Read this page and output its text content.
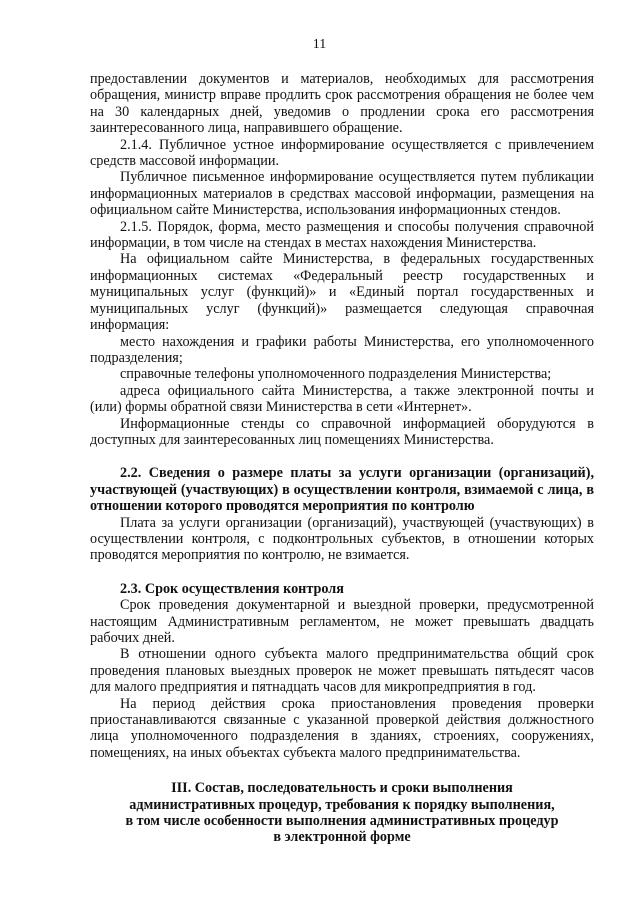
11

предоставлении документов и материалов, необходимых для рассмотрения обращения, министр вправе продлить срок рассмотрения обращения не более чем на 30 календарных дней, уведомив о продлении срока его рассмотрения заинтересованного лица, направившего обращение.

2.1.4. Публичное устное информирование осуществляется с привлечением средств массовой информации.

Публичное письменное информирование осуществляется путем публикации информационных материалов в средствах массовой информации, размещения на официальном сайте Министерства, использования информационных стендов.

2.1.5. Порядок, форма, место размещения и способы получения справочной информации, в том числе на стендах в местах нахождения Министерства.

На официальном сайте Министерства, в федеральных государственных информационных системах «Федеральный реестр государственных и муниципальных услуг (функций)» и «Единый портал государственных и муниципальных услуг (функций)» размещается следующая справочная информация:

место нахождения и графики работы Министерства, его уполномоченного подразделения;

справочные телефоны уполномоченного подразделения Министерства;

адреса официального сайта Министерства, а также электронной почты и (или) формы обратной связи Министерства в сети «Интернет».

Информационные стенды со справочной информацией оборудуются в доступных для заинтересованных лиц помещениях Министерства.

2.2. Сведения о размере платы за услуги организации (организаций), участвующей (участвующих) в осуществлении контроля, взимаемой с лица, в отношении которого проводятся мероприятия по контролю

Плата за услуги организации (организаций), участвующей (участвующих) в осуществлении контроля, с подконтрольных субъектов, в отношении которых проводятся мероприятия по контролю, не взимается.

2.3. Срок осуществления контроля

Срок проведения документарной и выездной проверки, предусмотренной настоящим Административным регламентом, не может превышать двадцать рабочих дней.

В отношении одного субъекта малого предпринимательства общий срок проведения плановых выездных проверок не может превышать пятьдесят часов для малого предприятия и пятнадцать часов для микропредприятия в год.

На период действия срока приостановления проведения проверки приостанавливаются связанные с указанной проверкой действия должностного лица уполномоченного подразделения в зданиях, строениях, сооружениях, помещениях, на иных объектах субъекта малого предпринимательства.

III. Состав, последовательность и сроки выполнения
административных процедур, требования к порядку выполнения,
в том числе особенности выполнения административных процедур
в электронной форме
